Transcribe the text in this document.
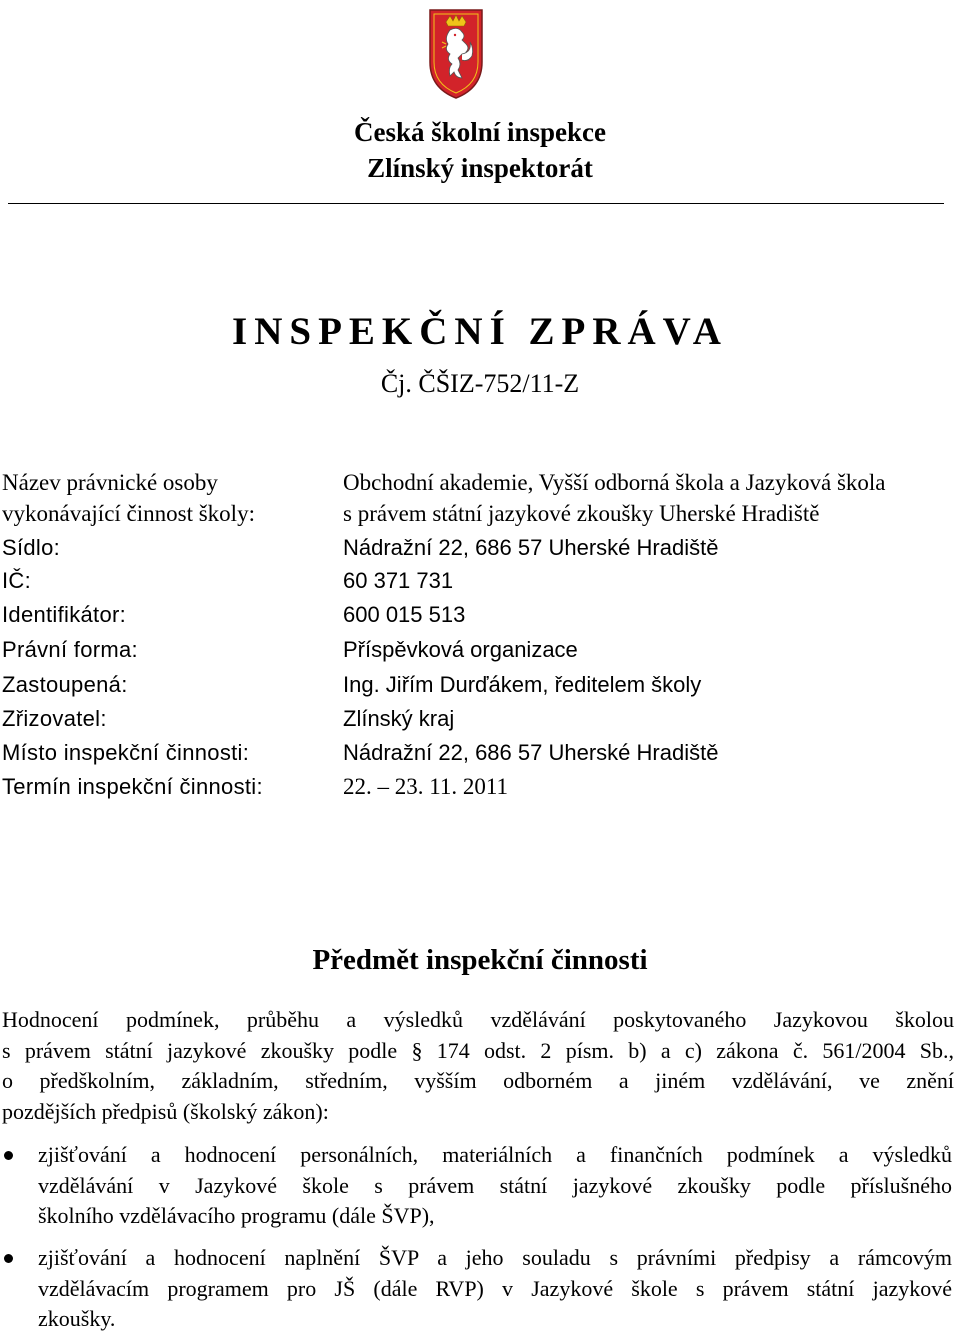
Česká školní inspekce
Zlínský inspektorát
INSPEKČNÍ ZPRÁVA
Čj. ČŠIZ-752/11-Z
Název právnické osoby	Obchodní akademie, Vyšší odborná škola a Jazyková škola
vykonávající činnost školy:	s právem státní jazykové zkoušky Uherské Hradiště
Sídlo:	Nádražní 22, 686 57 Uherské Hradiště
IČ:	60 371 731
Identifikátor:	600 015 513
Právní forma:	Příspěvková organizace
Zastoupená:	Ing. Jiřím Durďákem, ředitelem školy
Zřizovatel:	Zlínský kraj
Místo inspekční činnosti:	Nádražní 22, 686 57 Uherské Hradiště
Termín inspekční činnosti:	22. – 23. 11. 2011
Předmět inspekční činnosti
Hodnocení podmínek, průběhu a výsledků vzdělávání poskytovaného Jazykovou školou
s právem státní jazykové zkoušky podle § 174 odst. 2 písm. b) a c) zákona č. 561/2004 Sb.,
o předškolním, základním, středním, vyšším odborném a jiném vzdělávání, ve znění
pozdějších předpisů (školský zákon):
zjišťování a hodnocení personálních, materiálních a finančních podmínek a výsledků
vzdělávání v Jazykové škole s právem státní jazykové zkoušky podle příslušného
školního vzdělávacího programu (dále ŠVP),
zjišťování a hodnocení naplnění ŠVP a jeho souladu s právními předpisy a rámcovým
vzdělávacím programem pro JŠ (dále RVP) v Jazykové škole s právem státní jazykové
zkoušky.
